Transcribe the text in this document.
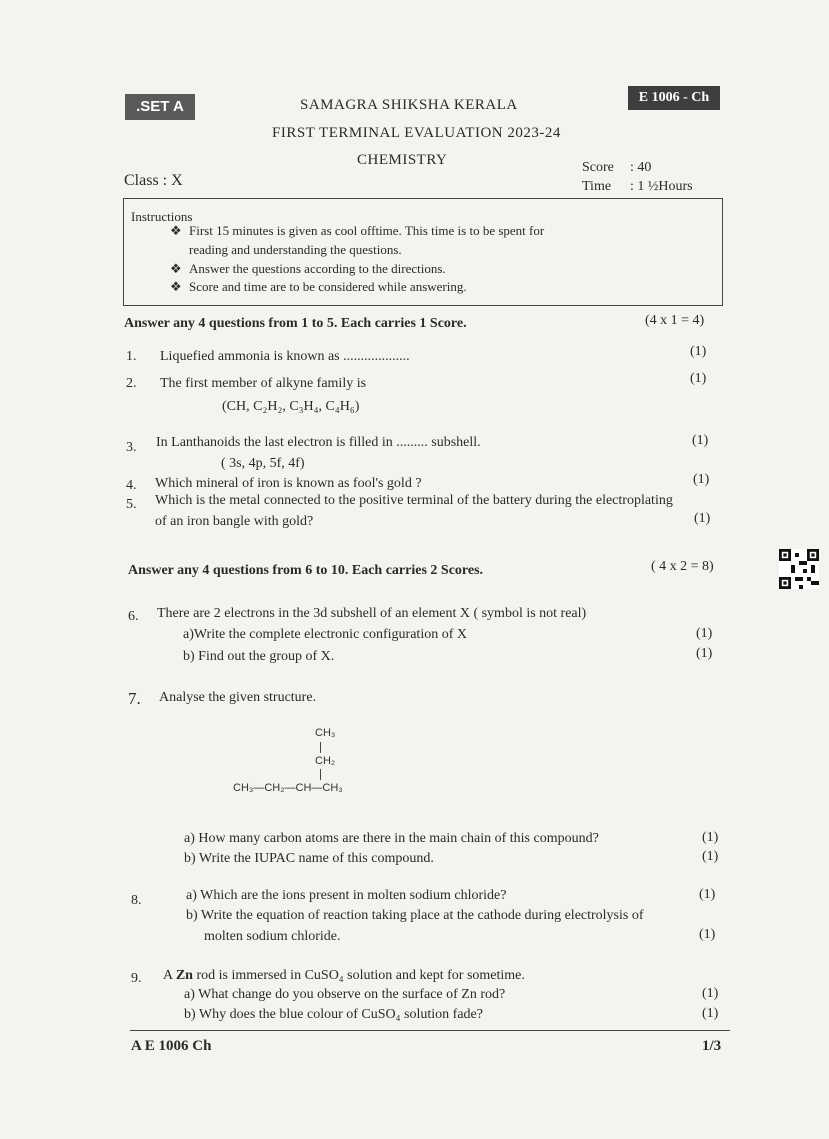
.SET A
E 1006 - Ch
SAMAGRA SHIKSHA KERALA
FIRST TERMINAL EVALUATION 2023-24
CHEMISTRY
Class : X
Score : 40
Time : 1 ½Hours
Instructions
❖ First 15 minutes is given as cool offtime. This time is to be spent for
reading and understanding the questions.
❖ Answer the questions according to the directions.
❖ Score and time are to be considered while answering.
Answer any 4 questions from 1 to 5. Each carries 1 Score.	(4 x 1 = 4)
1. Liquefied ammonia is known as ...................	(1)
2. The first member of alkyne family is	(1)
(CH, C₂H₂, C₃H₄, C₄H₆)
3. In Lanthanoids the last electron is filled in ......... subshell.	(1)
( 3s, 4p, 5f, 4f)
4. Which mineral of iron is known as fool's gold ?	(1)
5. Which is the metal connected to the positive terminal of the battery during the electroplating
of an iron bangle with gold?	(1)
Answer any 4 questions from 6 to 10. Each carries 2 Scores.	( 4 x 2 = 8)
6. There are 2 electrons in the 3d subshell of an element X ( symbol is not real)
a)Write the complete electronic configuration of X	(1)
b) Find out the group of X.	(1)
7. Analyse the given structure.
CH₃
CH₂
CH₃—CH₂—CH—CH₃
a) How many carbon atoms are there in the main chain of this compound?	(1)
b) Write the IUPAC name of this compound.	(1)
8.	a) Which are the ions present in molten sodium chloride?	(1)
b) Write the equation of reaction taking place at the cathode during electrolysis of
molten sodium chloride.	(1)
9. A Zn rod is immersed in CuSO₄ solution and kept for sometime.
a) What change do you observe on the surface of Zn rod?	(1)
b) Why does the blue colour of CuSO₄ solution fade?	(1)
A E 1006 Ch	1/3
